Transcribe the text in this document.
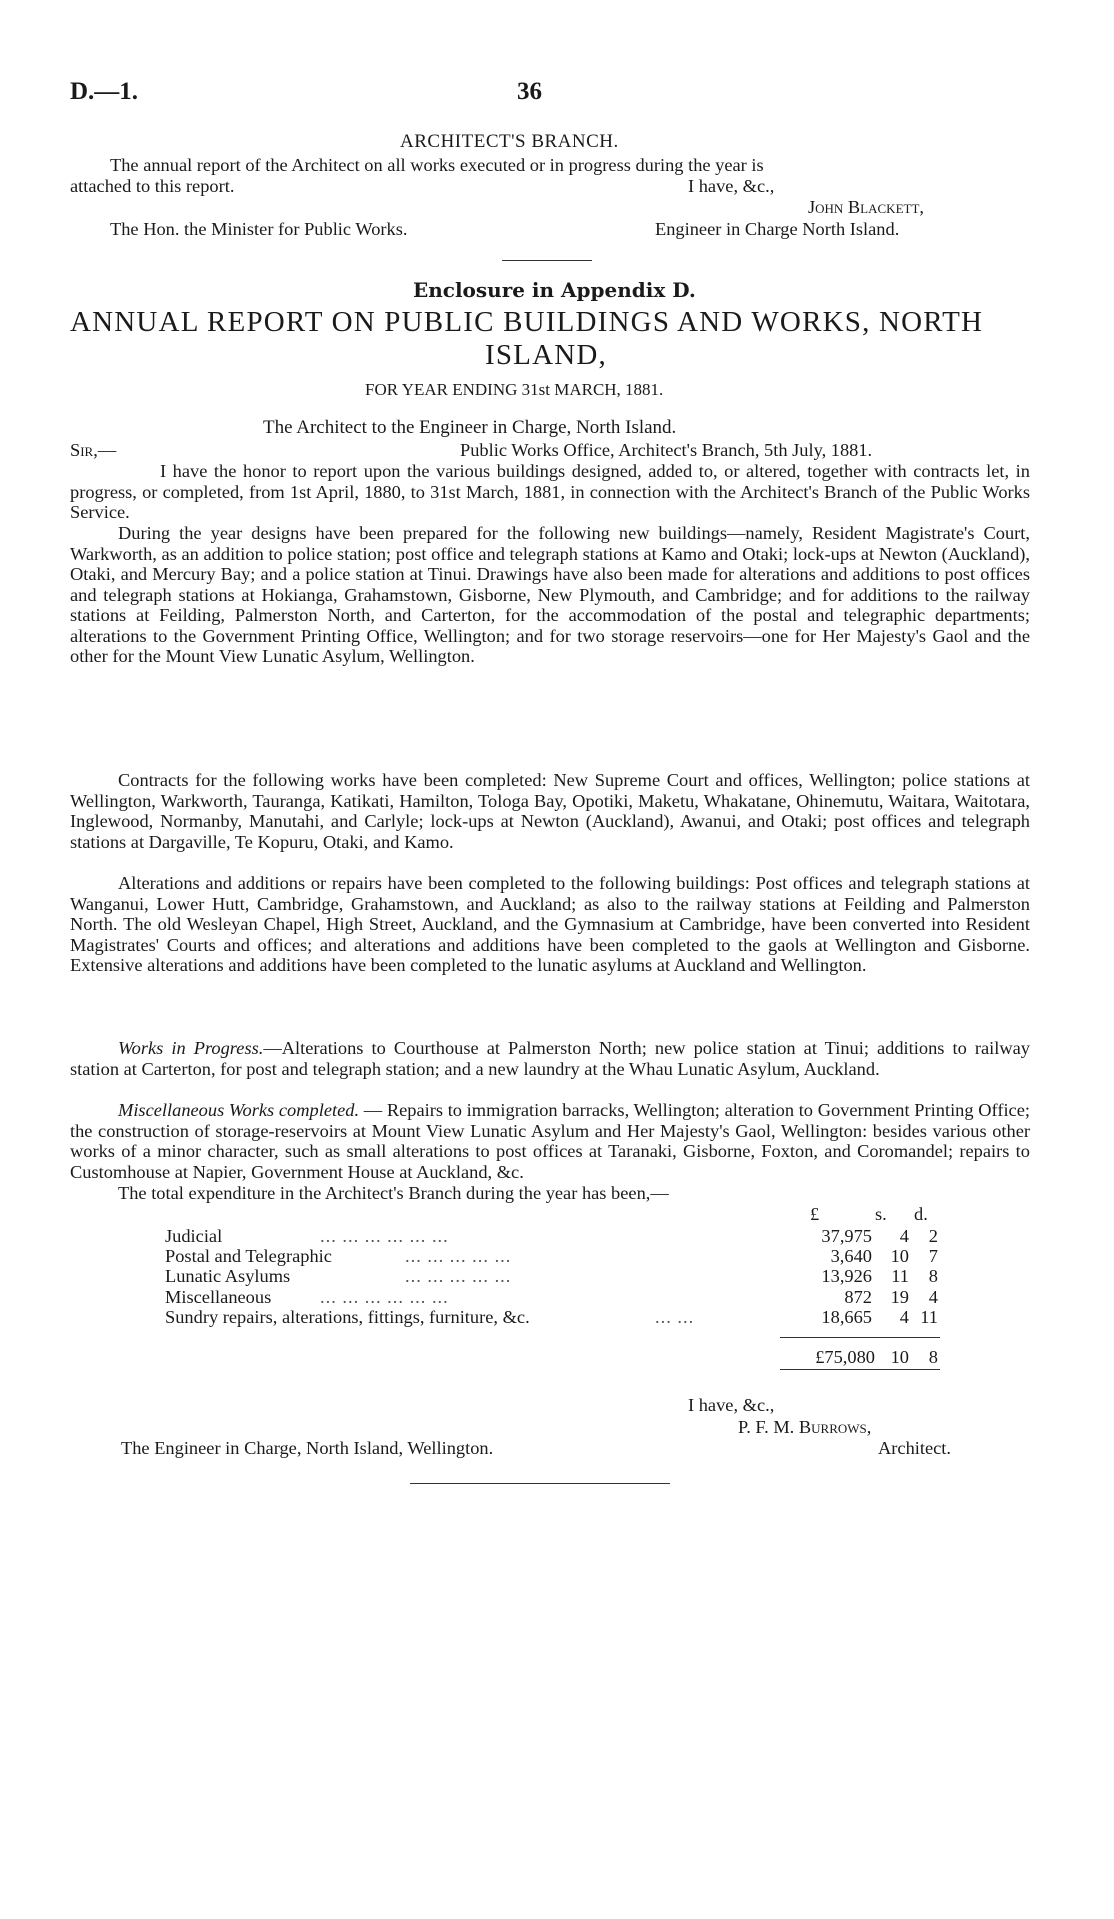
D.—1.	36
ARCHITECT'S BRANCH.
The annual report of the Architect on all works executed or in progress during the year is
attached to this report.	I have, &c.,
John Blackett,
The Hon. the Minister for Public Works.	Engineer in Charge North Island.
Enclosure in Appendix D.
ANNUAL REPORT ON PUBLIC BUILDINGS AND WORKS, NORTH
ISLAND,
FOR YEAR ENDING 31st MARCH, 1881.
The Architect to the Engineer in Charge, North Island.
Sir,—	Public Works Office, Architect's Branch, 5th July, 1881.
I have the honor to report upon the various buildings designed, added to, or altered, together with contracts let, in progress, or completed, from 1st April, 1880, to 31st March, 1881, in connection with the Architect's Branch of the Public Works Service.
During the year designs have been prepared for the following new buildings—namely, Resident Magistrate's Court, Warkworth, as an addition to police station; post office and telegraph stations at Kamo and Otaki; lock-ups at Newton (Auckland), Otaki, and Mercury Bay; and a police station at Tinui. Drawings have also been made for alterations and additions to post offices and telegraph stations at Hokianga, Grahamstown, Gisborne, New Plymouth, and Cambridge; and for additions to the railway stations at Feilding, Palmerston North, and Carterton, for the accommodation of the postal and telegraphic departments; alterations to the Government Printing Office, Wellington; and for two storage reservoirs—one for Her Majesty's Gaol and the other for the Mount View Lunatic Asylum, Wellington.
Contracts for the following works have been completed: New Supreme Court and offices, Wellington; police stations at Wellington, Warkworth, Tauranga, Katikati, Hamilton, Tologa Bay, Opotiki, Maketu, Whakatane, Ohinemutu, Waitara, Waitotara, Inglewood, Normanby, Manutahi, and Carlyle; lock-ups at Newton (Auckland), Awanui, and Otaki; post offices and telegraph stations at Dargaville, Te Kopuru, Otaki, and Kamo.
Alterations and additions or repairs have been completed to the following buildings: Post offices and telegraph stations at Wanganui, Lower Hutt, Cambridge, Grahamstown, and Auckland; as also to the railway stations at Feilding and Palmerston North. The old Wesleyan Chapel, High Street, Auckland, and the Gymnasium at Cambridge, have been converted into Resident Magistrates' Courts and offices; and alterations and additions have been completed to the gaols at Wellington and Gisborne. Extensive alterations and additions have been completed to the lunatic asylums at Auckland and Wellington.
Works in Progress.—Alterations to Courthouse at Palmerston North; new police station at Tinui; additions to railway station at Carterton, for post and telegraph station; and a new laundry at the Whau Lunatic Asylum, Auckland.
Miscellaneous Works completed. — Repairs to immigration barracks, Wellington; alteration to Government Printing Office; the construction of storage-reservoirs at Mount View Lunatic Asylum and Her Majesty's Gaol, Wellington: besides various other works of a minor character, such as small alterations to post offices at Taranaki, Gisborne, Foxton, and Coromandel; repairs to Customhouse at Napier, Government House at Auckland, &c.
The total expenditure in the Architect's Branch during the year has been,—
£	s. d.
Judicial	... ... ... ... ... ...	37,975	4	2
Postal and Telegraphic	... ... ... ... ...	3,640	10	7
Lunatic Asylums	... ... ... ... ...	13,926	11	8
Miscellaneous	... ... ... ... ... ...	872	19	4
Sundry repairs, alterations, fittings, furniture, &c.	... ...	18,665	4 11
£75,080 10	8
I have, &c.,
P. F. M. Burrows,
The Engineer in Charge, North Island, Wellington.	Architect.
